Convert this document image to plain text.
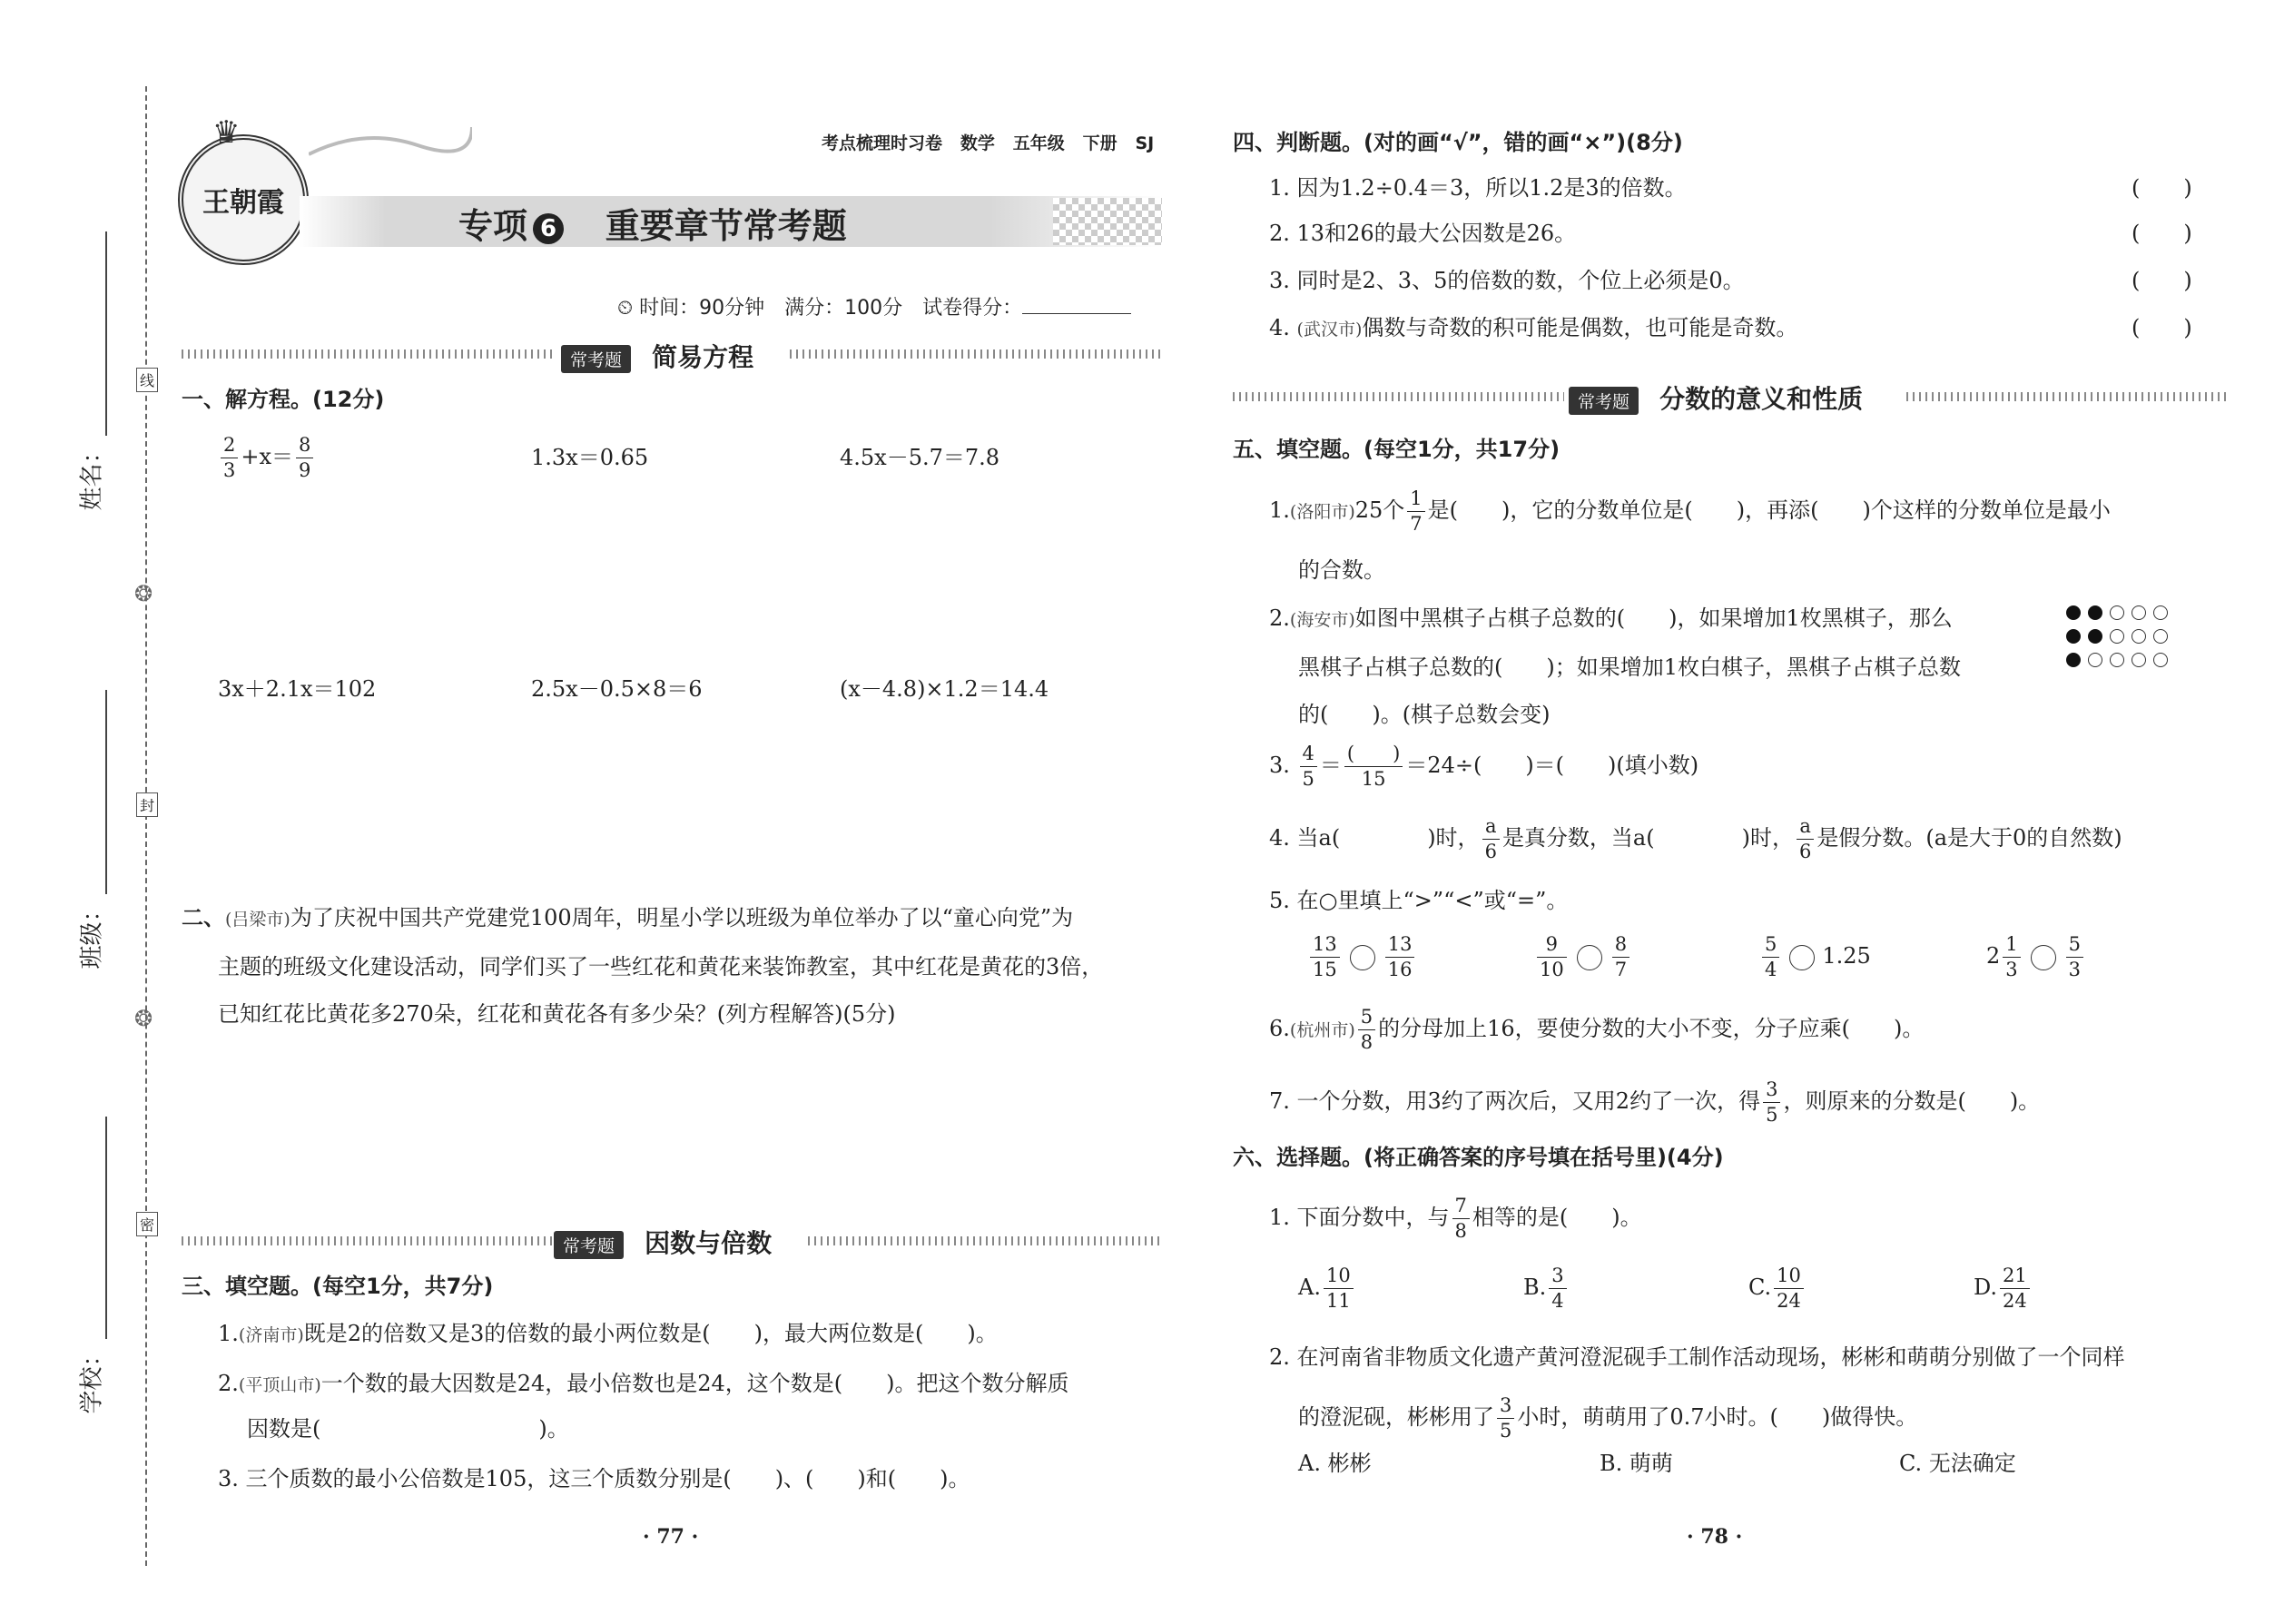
线
封
密
❂
❂
姓名：
班级：
学校：
王朝霞
♛	考点梳理时习卷 数学 五年级 下册 SJ
专项 6 重要章节常考题
⏲ 时间：90分钟　满分：100分　试卷得分：
常考题 简易方程
一、解方程。(12分)
$\frac{2}{3} +x= \frac{8}{9}$	1.3x＝0.65	4.5x－5.7＝7.8
3x＋2.1x＝102	2.5x－0.5×8＝6	(x－4.8)×1.2＝14.4
二、(吕梁市)为了庆祝中国共产党建党100周年，明星小学以班级为单位举办了以“童心向党”为
主题的班级文化建设活动，同学们买了一些红花和黄花来装饰教室，其中红花是黄花的3倍，
已知红花比黄花多270朵，红花和黄花各有多少朵？(列方程解答)(5分)
常考题 因数与倍数
三、填空题。(每空1分，共7分)
1.(济南市)既是2的倍数又是3的倍数的最小两位数是(　　)，最大两位数是(　　)。
2.(平顶山市)一个数的最大因数是24，最小倍数也是24，这个数是(　　)。把这个数分解质
因数是(　　　　　　　　　　)。
3. 三个质数的最小公倍数是105，这三个质数分别是(　　)、(　　)和(　　)。
· 77 ·
四、判断题。(对的画“√”，错的画“×”)(8分)
1. 因为1.2÷0.4＝3，所以1.2是3的倍数。	(　　)
2. 13和26的最大公因数是26。	(　　)
3. 同时是2、3、5的倍数的数，个位上必须是0。	(　　)
4. (武汉市)偶数与奇数的积可能是偶数，也可能是奇数。	(　　)
常考题 分数的意义和性质
五、填空题。(每空1分，共17分)
1.(洛阳市)25个 $\frac{1}{7}$ 是(　　)，它的分数单位是(　　)，再添(　　)个这样的分数单位是最小
的合数。
2.(海安市)如图中黑棋子占棋子总数的(　　)，如果增加1枚黑棋子，那么
黑棋子占棋子总数的(　　)；如果增加1枚白棋子，黑棋子占棋子总数
的(　　)。(棋子总数会变)
3. $\frac{4}{5} = \frac{( )}{15} =24\div$(　　)＝(　　)(填小数)
4. 当a(　　　　)时， $\frac{a}{6}$ 是真分数，当a(　　　　)时， $\frac{a}{6}$ 是假分数。(a是大于0的自然数)
5. 在○里填上“>”“<”或“=”。
$\frac{13}{15} \frac{13}{16}$	$\frac{9}{10} \frac{8}{7}$	$\frac{5}{4} 1.25$	$2 \frac{1}{3} \frac{5}{3}$
6.(杭州市) $\frac{5}{8}$ 的分母加上16，要使分数的大小不变，分子应乘(　　)。
7. 一个分数，用3约了两次后，又用2约了一次，得 $\frac{3}{5}$ ，则原来的分数是(　　)。
六、选择题。(将正确答案的序号填在括号里)(4分)
1. 下面分数中，与 $\frac{7}{8}$ 相等的是(　　)。
A. $\frac{10}{11}$	B. $\frac{3}{4}$	C. $\frac{10}{24}$	D. $\frac{21}{24}$
2. 在河南省非物质文化遗产黄河澄泥砚手工制作活动现场，彬彬和萌萌分别做了一个同样
的澄泥砚，彬彬用了 $\frac{3}{5}$ 小时，萌萌用了0.7小时。(　　)做得快。
A. 彬彬	B. 萌萌	C. 无法确定
· 78 ·
